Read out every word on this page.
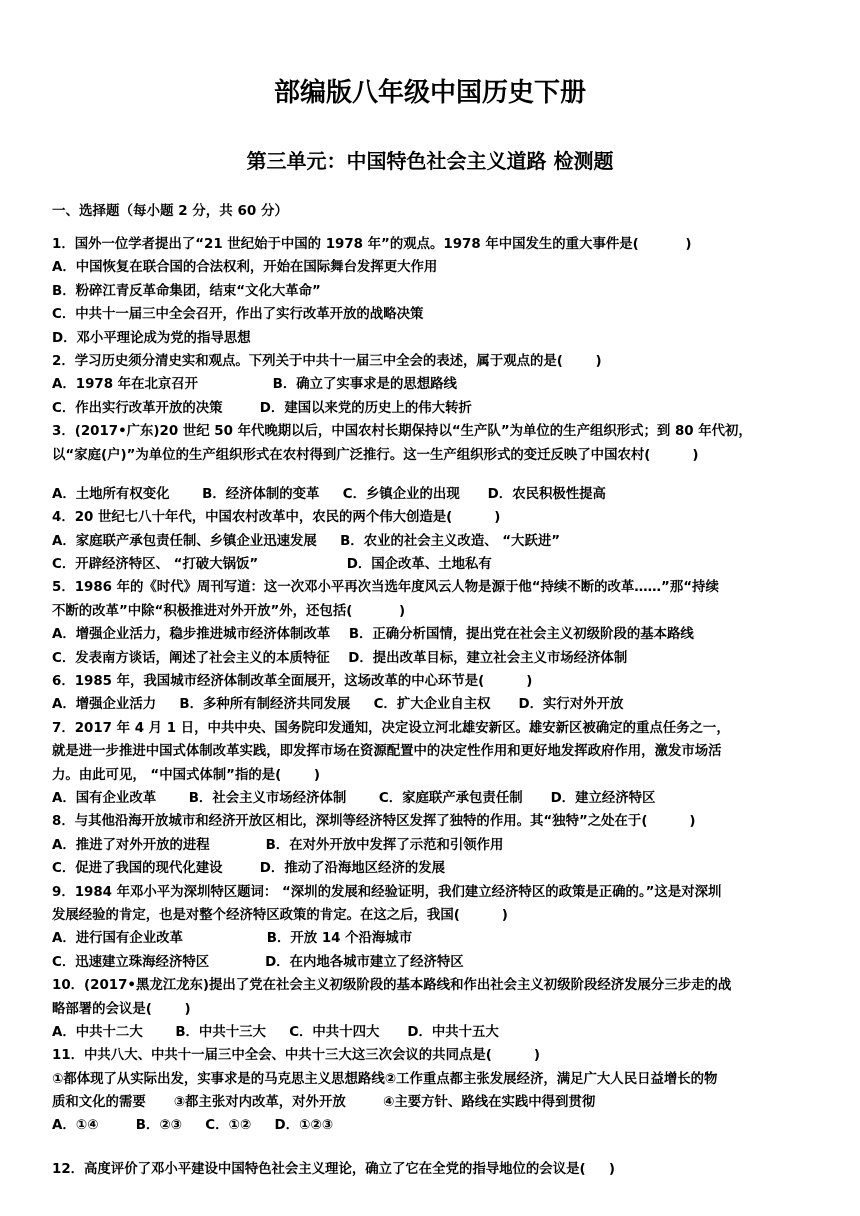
部编版八年级中国历史下册
第三单元：中国特色社会主义道路 检测题
一、选择题（每小题 2 分，共 60 分）
1．国外一位学者提出了“21 世纪始于中国的 1978 年”的观点。1978 年中国发生的重大事件是(          )
A．中国恢复在联合国的合法权利，开始在国际舞台发挥更大作用
B．粉碎江青反革命集团，结束“文化大革命”
C．中共十一届三中全会召开，作出了实行改革开放的战略决策
D．邓小平理论成为党的指导思想
2．学习历史须分清史实和观点。下列关于中共十一届三中全会的表述，属于观点的是(       )
A．1978 年在北京召开                B．确立了实事求是的思想路线
C．作出实行改革开放的决策        D．建国以来党的历史上的伟大转折
3．(2017•广东)20 世纪 50 年代晚期以后，中国农村长期保持以“生产队”为单位的生产组织形式；到 80 年代初，
以“家庭(户)”为单位的生产组织形式在农村得到广泛推行。这一生产组织形式的变迁反映了中国农村(         )
A．土地所有权变化       B．经济体制的变革     C．乡镇企业的出现      D．农民积极性提高
4．20 世纪七八十年代，中国农村改革中，农民的两个伟大创造是(         )
A．家庭联产承包责任制、乡镇企业迅速发展     B．农业的社会主义改造、 “大跃进”
C．开辟经济特区、 “打破大锅饭”                   D．国企改革、土地私有
5．1986 年的《时代》周刊写道：这一次邓小平再次当选年度风云人物是源于他“持续不断的改革……”那“持续
不断的改革”中除“积极推进对外开放”外，还包括(          )
A．增强企业活力，稳步推进城市经济体制改革    B．正确分析国情，提出党在社会主义初级阶段的基本路线
C．发表南方谈话，阐述了社会主义的本质特征    D．提出改革目标，建立社会主义市场经济体制
6．1985 年，我国城市经济体制改革全面展开，这场改革的中心环节是(         )
A．增强企业活力     B．多种所有制经济共同发展     C．扩大企业自主权      D．实行对外开放
7．2017 年 4 月 1 日，中共中央、国务院印发通知，决定设立河北雄安新区。雄安新区被确定的重点任务之一，
就是进一步推进中国式体制改革实践，即发挥市场在资源配置中的决定性作用和更好地发挥政府作用，激发市场活
力。由此可见， “中国式体制”指的是(       )
A．国有企业改革       B．社会主义市场经济体制       C．家庭联产承包责任制      D．建立经济特区
8．与其他沿海开放城市和经济开放区相比，深圳等经济特区发挥了独特的作用。其“独特”之处在于(         )
A．推进了对外开放的进程            B．在对外开放中发挥了示范和引领作用
C．促进了我国的现代化建设        D．推动了沿海地区经济的发展
9．1984 年邓小平为深圳特区题词： “深圳的发展和经验证明，我们建立经济特区的政策是正确的。”这是对深圳
发展经验的肯定，也是对整个经济特区政策的肯定。在这之后，我国(         )
A．进行国有企业改革                  B．开放 14 个沿海城市
C．迅速建立珠海经济特区            D．在内地各城市建立了经济特区
10．(2017•黑龙江龙东)提出了党在社会主义初级阶段的基本路线和作出社会主义初级阶段经济发展分三步走的战
略部署的会议是(       )
A．中共十二大       B．中共十三大     C．中共十四大      D．中共十五大
11．中共八大、中共十一届三中全会、中共十三大这三次会议的共同点是(         )
①都体现了从实际出发，实事求是的马克思主义思想路线②工作重点都主张发展经济，满足广大人民日益增长的物
质和文化的需要      ③都主张对内改革，对外开放        ④主要方针、路线在实践中得到贯彻
A．①④        B．②③     C．①②     D．①②③
12．高度评价了邓小平建设中国特色社会主义理论，确立了它在全党的指导地位的会议是(     )
